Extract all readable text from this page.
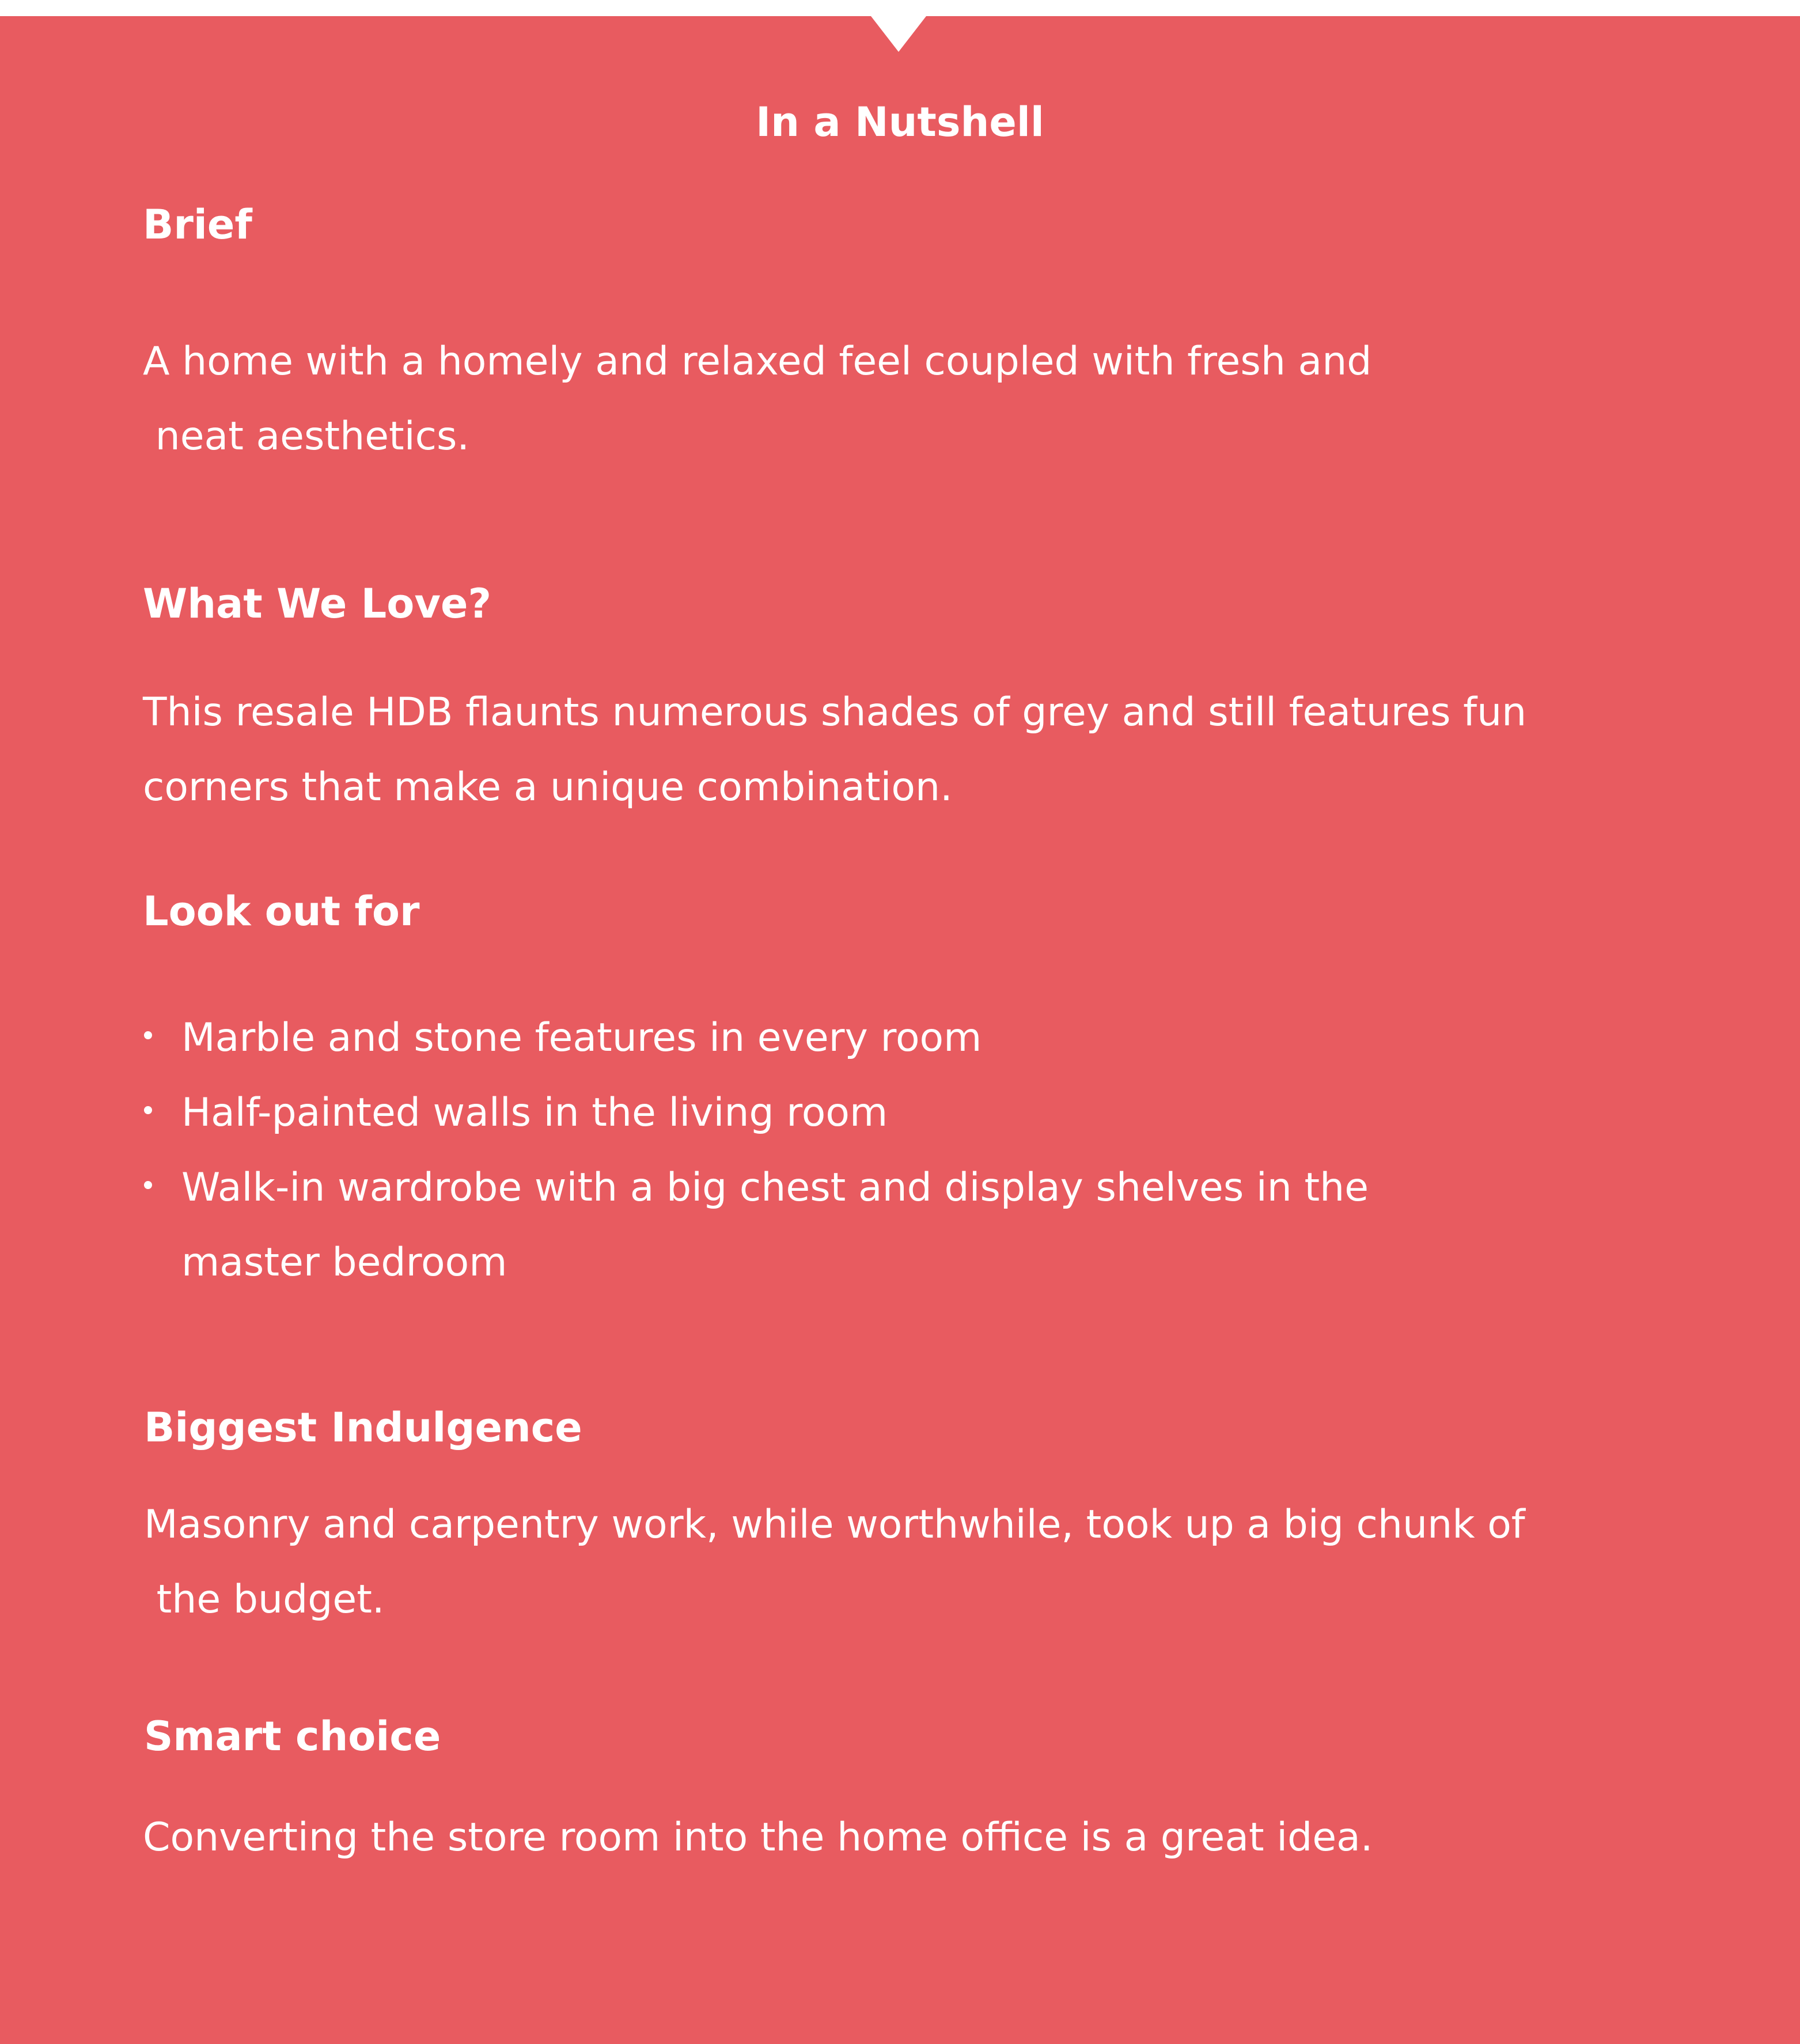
In a Nutshell
Brief

A home with a homely and relaxed feel coupled with fresh and

neat aesthetics.

What We Love?

This resale HDB flaunts numerous shades of grey and still features fun

corners that make a unique combination.

Look out for

Marble and stone features in every room

Half-painted walls in the living room

Walk-in wardrobe with a big chest and display shelves in the

master bedroom

Biggest Indulgence

Masonry and carpentry work, while worthwhile, took up a big chunk of

the budget.

Smart choice

Converting the store room into the home office is a great idea.
